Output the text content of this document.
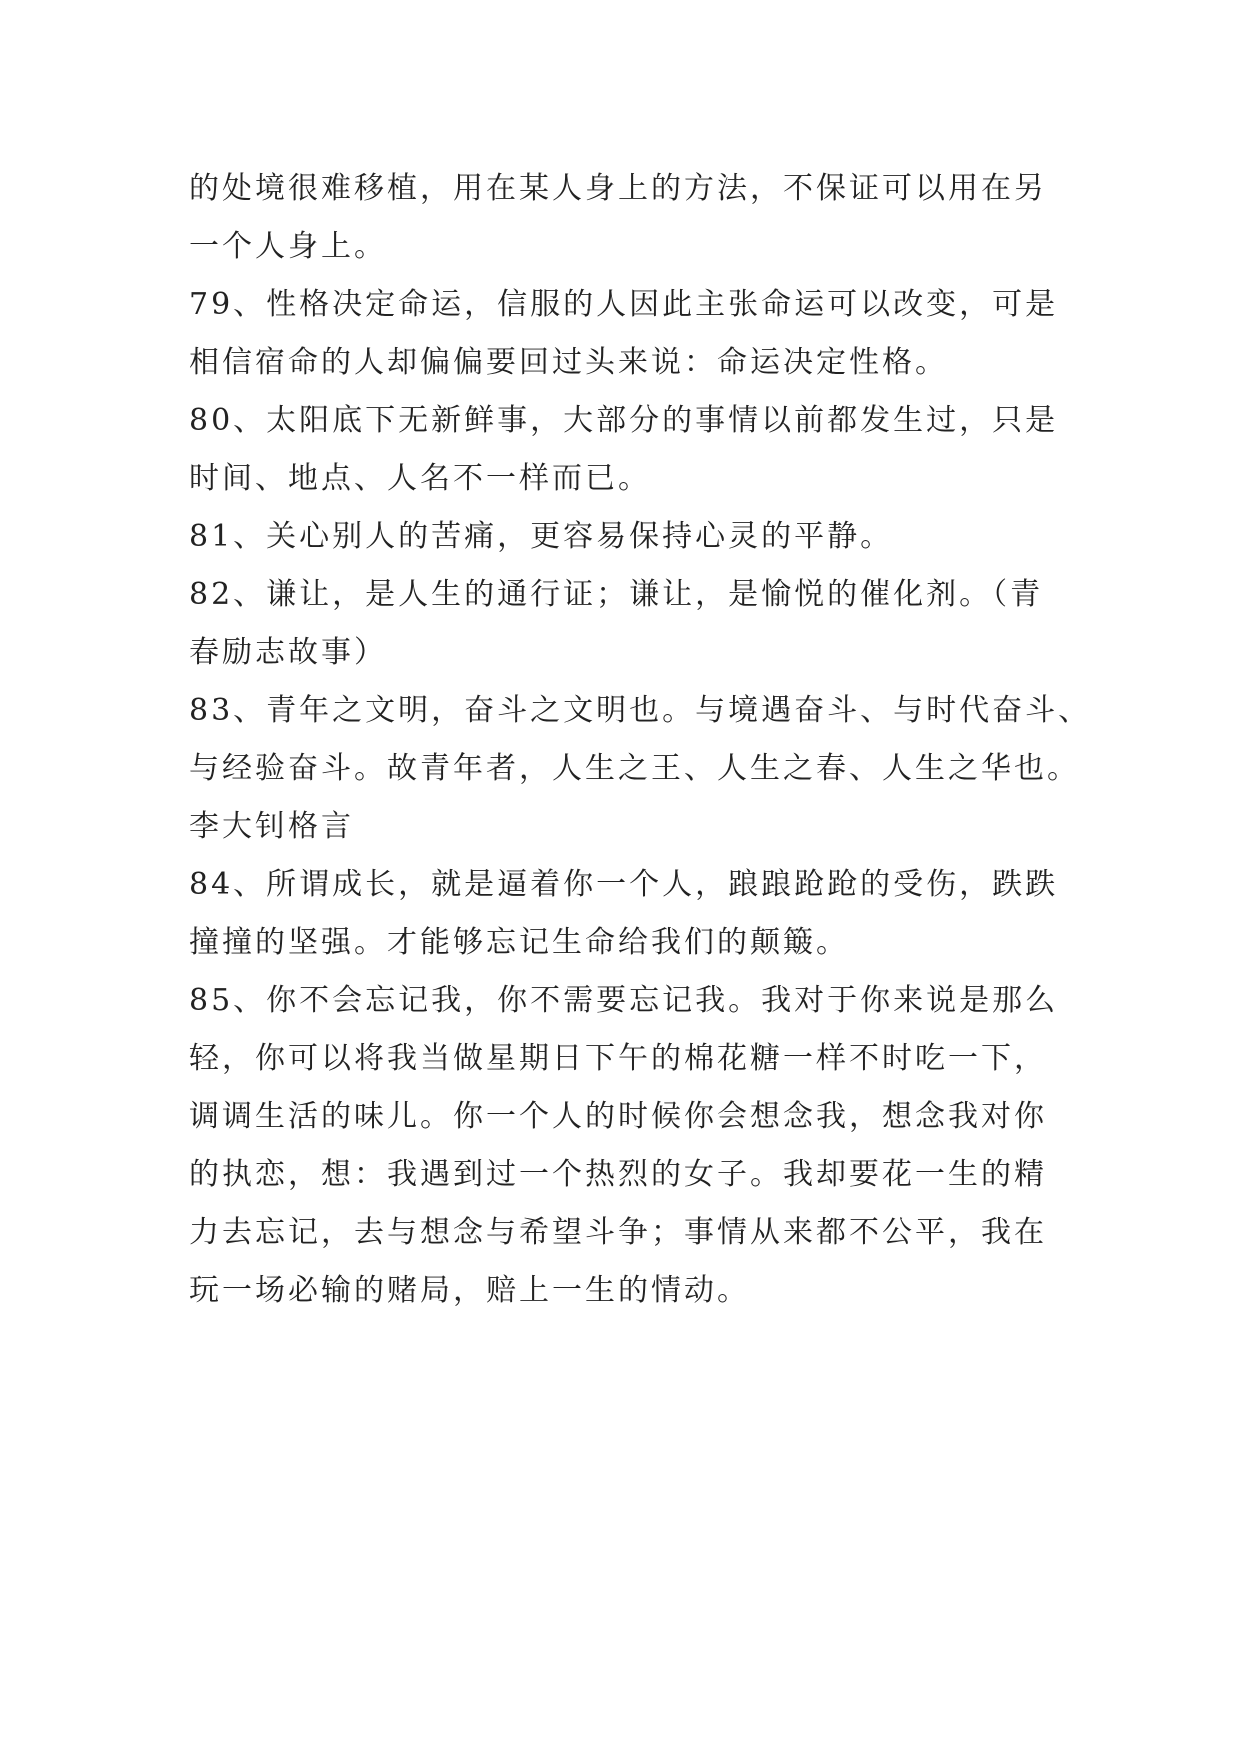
的处境很难移植，用在某人身上的方法，不保证可以用在另
一个人身上。
79、性格决定命运，信服的人因此主张命运可以改变，可是
相信宿命的人却偏偏要回过头来说：命运决定性格。
80、太阳底下无新鲜事，大部分的事情以前都发生过，只是
时间、地点、人名不一样而已。
81、关心别人的苦痛，更容易保持心灵的平静。
82、谦让，是人生的通行证；谦让，是愉悦的催化剂。（青
春励志故事）
83、青年之文明，奋斗之文明也。与境遇奋斗、与时代奋斗、
与经验奋斗。故青年者，人生之王、人生之春、人生之华也。
李大钊格言
84、所谓成长，就是逼着你一个人，踉踉跄跄的受伤，跌跌
撞撞的坚强。才能够忘记生命给我们的颠簸。
85、你不会忘记我，你不需要忘记我。我对于你来说是那么
轻，你可以将我当做星期日下午的棉花糖一样不时吃一下，
调调生活的味儿。你一个人的时候你会想念我，想念我对你
的执恋，想：我遇到过一个热烈的女子。我却要花一生的精
力去忘记，去与想念与希望斗争；事情从来都不公平，我在
玩一场必输的赌局，赔上一生的情动。
